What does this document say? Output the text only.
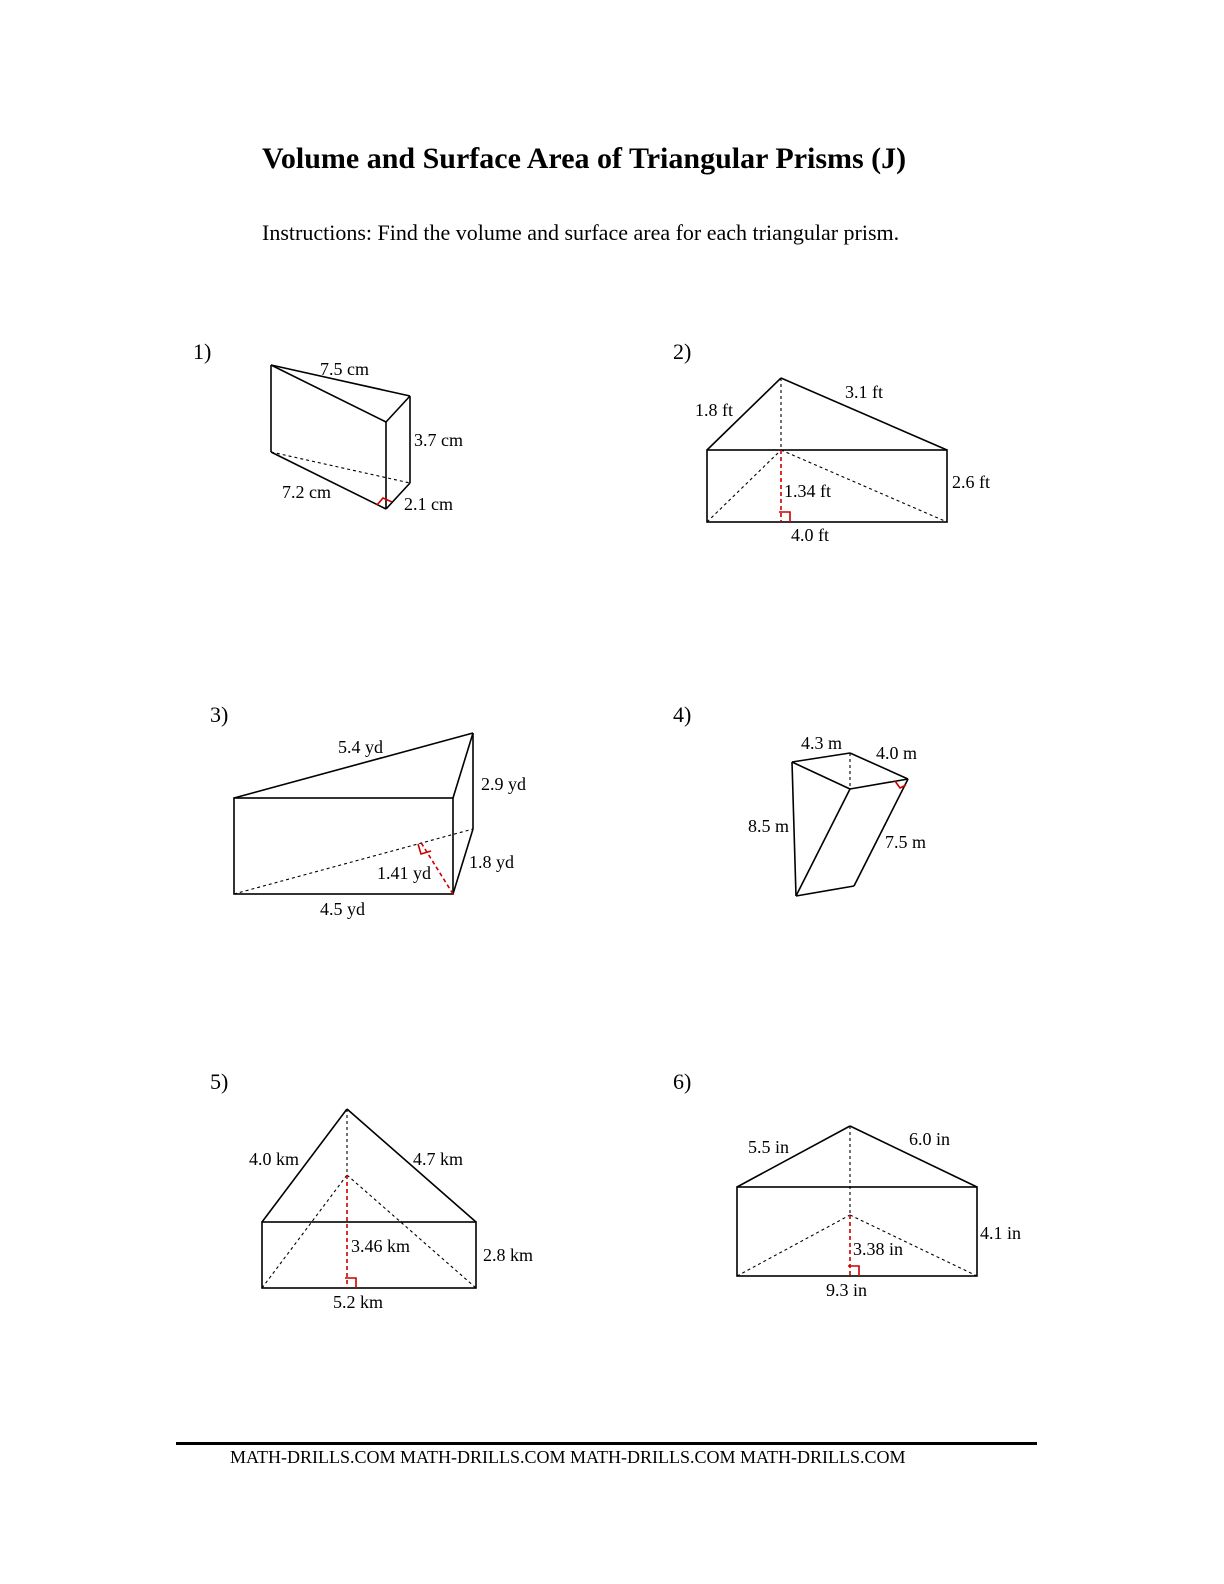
Volume and Surface Area of Triangular Prisms (J)
Instructions: Find the volume and surface area for each triangular prism.
1)	2)
3)	4)
5)	6)
7.5 cm
3.7 cm
7.2 cm
2.1 cm
1.8 ft
3.1 ft
2.6 ft
1.34 ft
4.0 ft
5.4 yd
2.9 yd
1.8 yd
1.41 yd
4.5 yd
4.3 m 4.0 m
8.5 m
7.5 m
4.0 km	4.7 km
3.46 km	2.8 km
5.2 km
5.5 in	6.0 in
4.1 in
3.38 in
9.3 in
MATH-DRILLS.COM MATH-DRILLS.COM MATH-DRILLS.COM MATH-DRILLS.COM
